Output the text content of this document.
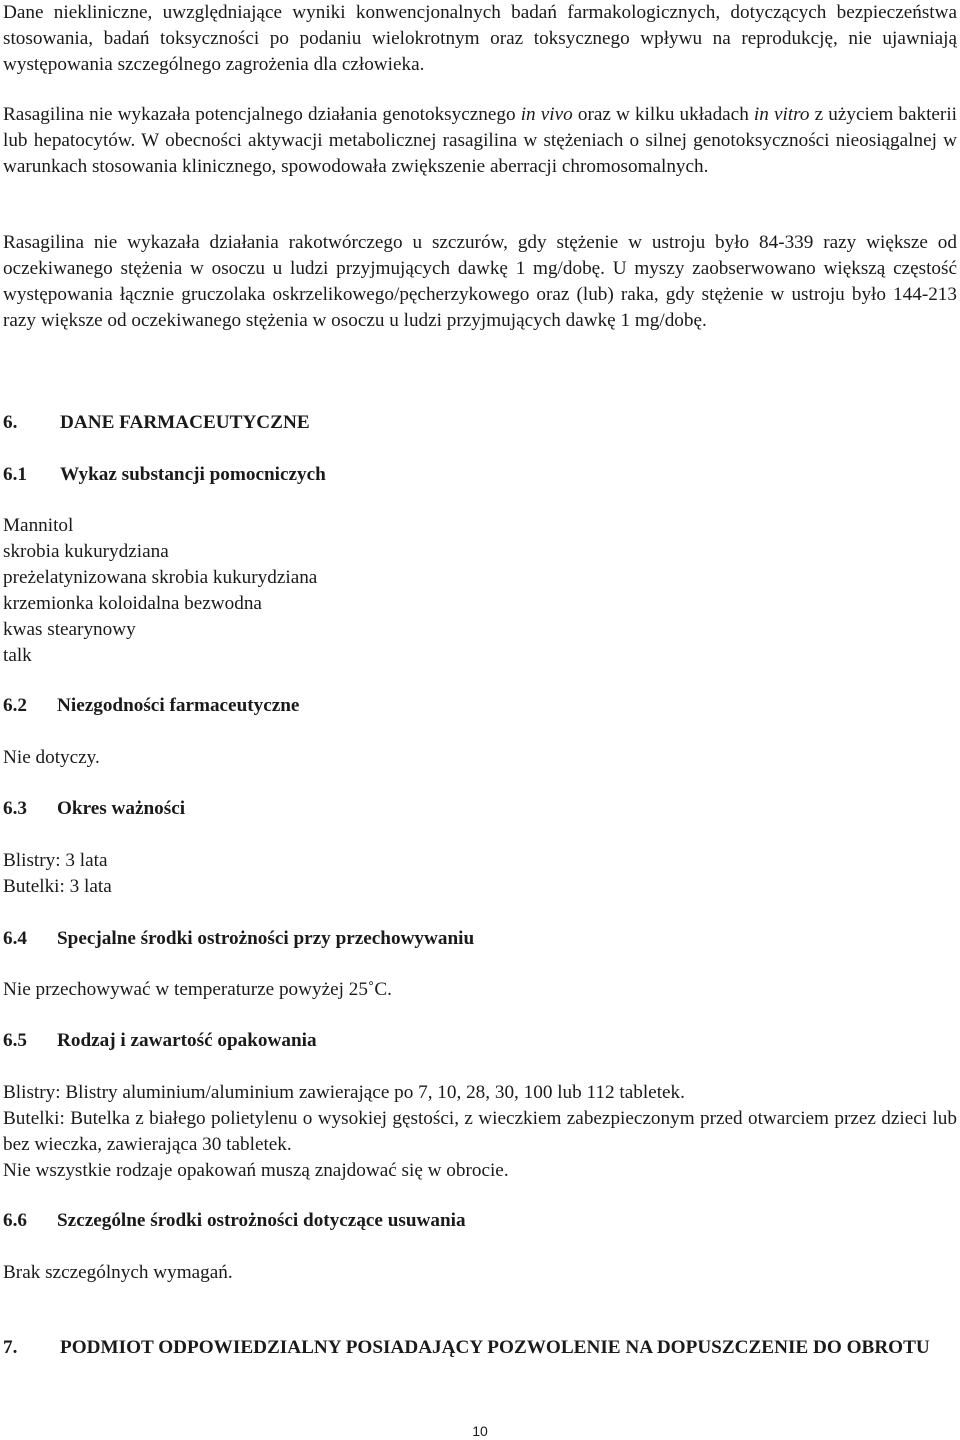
Dane niekliniczne, uwzględniające wyniki konwencjonalnych badań farmakologicznych, dotyczących bezpieczeństwa stosowania, badań toksyczności po podaniu wielokrotnym oraz toksycznego wpływu na reprodukcję, nie ujawniają występowania szczególnego zagrożenia dla człowieka.

Rasagilina nie wykazała potencjalnego działania genotoksycznego in vivo oraz w kilku układach in vitro z użyciem bakterii lub hepatocytów. W obecności aktywacji metabolicznej rasagilina w stężeniach o silnej genotoksyczności nieosiągalnej w warunkach stosowania klinicznego, spowodowała zwiększenie aberracji chromosomalnych.

Rasagilina nie wykazała działania rakotwórczego u szczurów, gdy stężenie w ustroju było 84-339 razy większe od oczekiwanego stężenia w osoczu u ludzi przyjmujących dawkę 1 mg/dobę. U myszy zaobserwowano większą częstość występowania łącznie gruczolaka oskrzelikowego/pęcherzykowego oraz (lub) raka, gdy stężenie w ustroju było 144-213 razy większe od oczekiwanego stężenia w osoczu u ludzi przyjmujących dawkę 1 mg/dobę.

6. DANE FARMACEUTYCZNE
6.1 Wykaz substancji pomocniczych
Mannitol
skrobia kukurydziana
preżelatynizowana skrobia kukurydziana
krzemionka koloidalna bezwodna
kwas stearynowy
talk
6.2 Niezgodności farmaceutyczne

Nie dotyczy.

6.3 Okres ważności

Blistry: 3 lata

Butelki: 3 lata

6.4 Specjalne środki ostrożności przy przechowywaniu

Nie przechowywać w temperaturze powyżej 25˚C.

6.5 Rodzaj i zawartość opakowania

Blistry: Blistry aluminium/aluminium zawierające po 7, 10, 28, 30, 100 lub 112 tabletek.

Butelki: Butelka z białego polietylenu o wysokiej gęstości, z wieczkiem zabezpieczonym przed otwarciem przez dzieci lub bez wieczka, zawierająca 30 tabletek.

Nie wszystkie rodzaje opakowań muszą znajdować się w obrocie.

6.6 Szczególne środki ostrożności dotyczące usuwania

Brak szczególnych wymagań.

7. PODMIOT ODPOWIEDZIALNY POSIADAJĄCY POZWOLENIE NA DOPUSZCZENIE DO OBROTU
10
